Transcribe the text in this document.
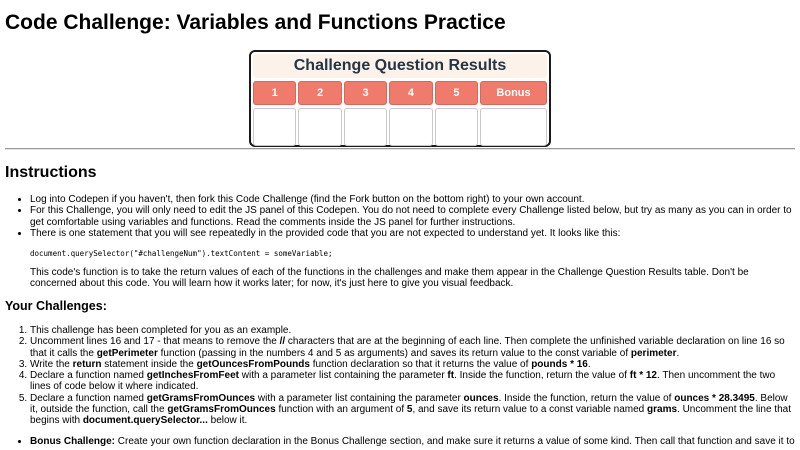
Code Challenge: Variables and Functions Practice
Challenge Question Results
1	2	3	4	5	Bonus
Instructions
• Log into Codepen if you haven't, then fork this Code Challenge (find the Fork button on the bottom right) to your own account.
• For this Challenge, you will only need to edit the JS panel of this Codepen. You do not need to complete every Challenge listed below, but try as many as you can in order to get comfortable using variables and functions. Read the comments inside the JS panel for further instructions.
• There is one statement that you will see repeatedly in the provided code that you are not expected to understand yet. It looks like this:
document.querySelector("#challengeNum").textContent = someVariable;

This code's function is to take the return values of each of the functions in the challenges and make them appear in the Challenge Question Results table. Don't be concerned about this code. You will learn how it works later; for now, it's just here to give you visual feedback.

Your Challenges:
1. This challenge has been completed for you as an example.
2. Uncomment lines 16 and 17 - that means to remove the // characters that are at the beginning of each line. Then complete the unfinished variable declaration on line 16 so that it calls the getPerimeter function (passing in the numbers 4 and 5 as arguments) and saves its return value to the const variable of perimeter.
3. Write the return statement inside the getOuncesFromPounds function declaration so that it returns the value of pounds * 16.
4. Declare a function named getInchesFromFeet with a parameter list containing the parameter ft. Inside the function, return the value of ft * 12. Then uncomment the two lines of code below it where indicated.
5. Declare a function named getGramsFromOunces with a parameter list containing the parameter ounces. Inside the function, return the value of ounces * 28.3495. Below it, outside the function, call the getGramsFromOunces function with an argument of 5, and save its return value to a const variable named grams. Uncomment the line that begins with document.querySelector... below it.
• Bonus Challenge: Create your own function declaration in the Bonus Challenge section, and make sure it returns a value of some kind. Then call that function and save it to
